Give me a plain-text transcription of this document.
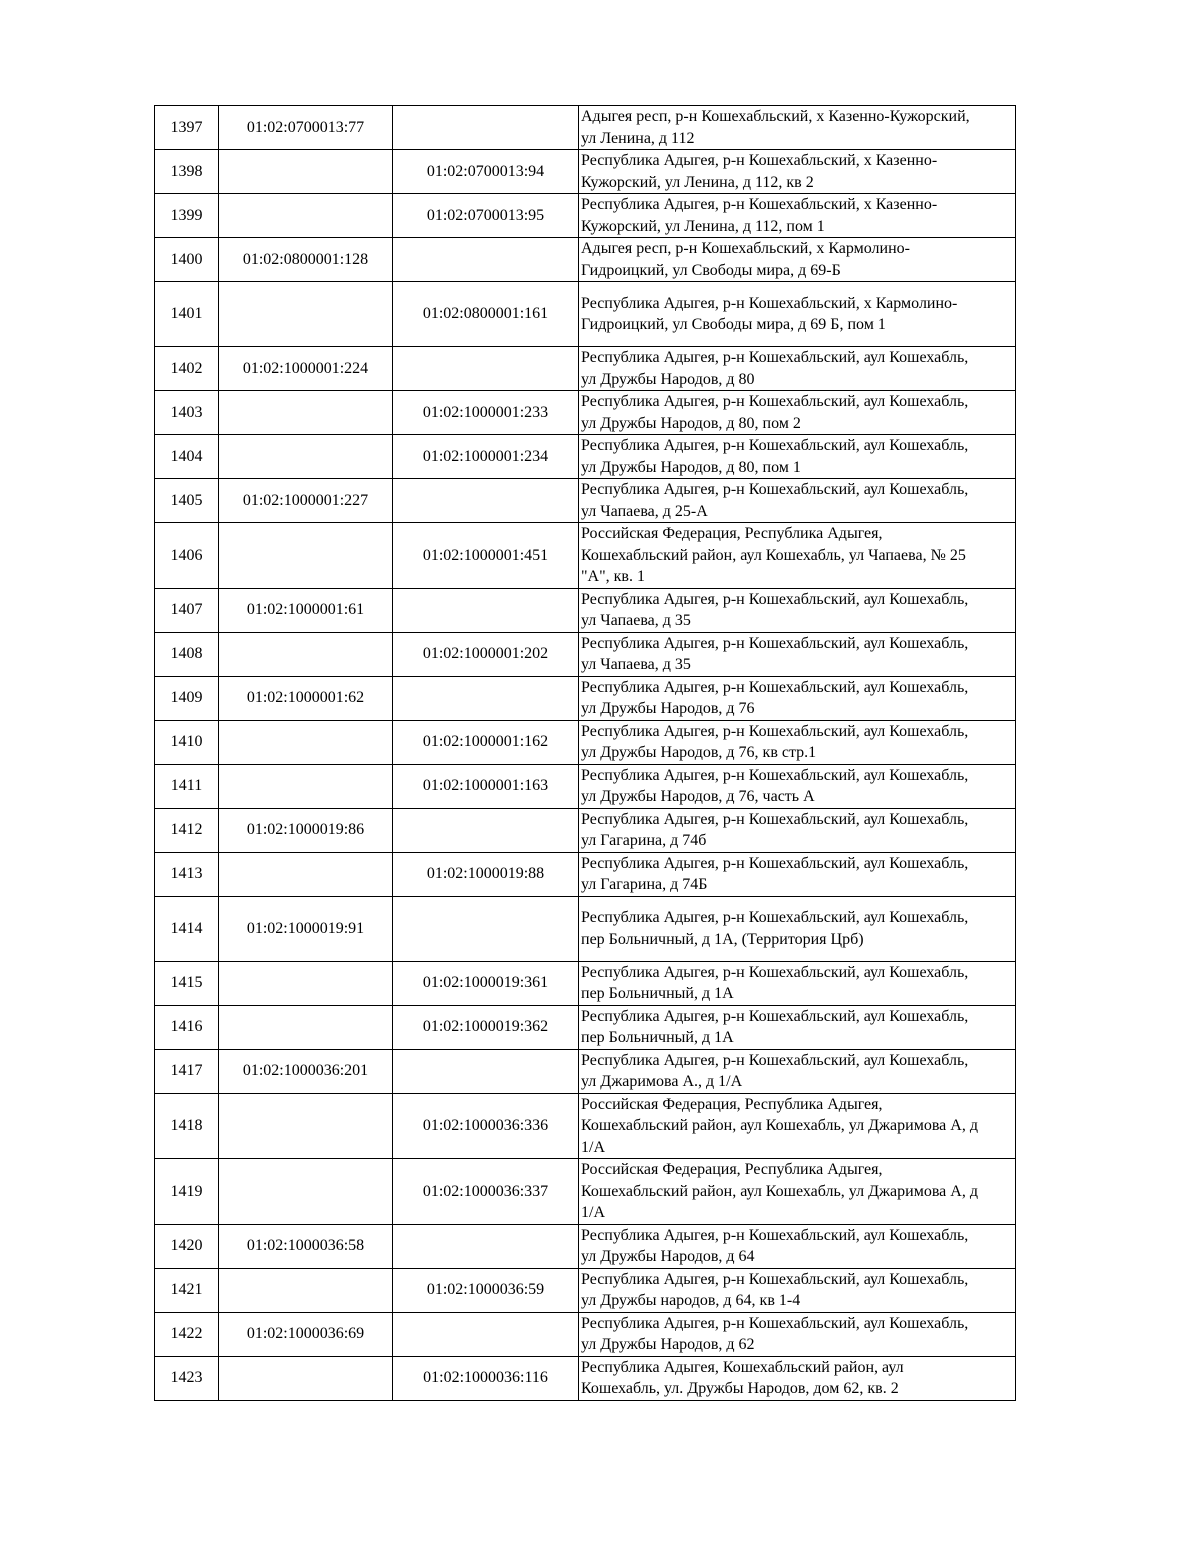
1397	01:02:0700013:77		Адыгея респ, р-н Кошехабльский, х Казенно-Кужорский,
ул Ленина, д 112
1398		01:02:0700013:94	Республика Адыгея, р-н Кошехабльский, х Казенно-
Кужорский, ул Ленина, д 112, кв 2
1399		01:02:0700013:95	Республика Адыгея, р-н Кошехабльский, х Казенно-
Кужорский, ул Ленина, д 112, пом 1
1400	01:02:0800001:128		Адыгея респ, р-н Кошехабльский, х Кармолино-
Гидроицкий, ул Свободы мира, д 69-Б
1401		01:02:0800001:161	Республика Адыгея, р-н Кошехабльский, х Кармолино-
Гидроицкий, ул Свободы мира, д 69 Б, пом 1
1402	01:02:1000001:224		Республика Адыгея, р-н Кошехабльский, аул Кошехабль,
ул Дружбы Народов, д 80
1403		01:02:1000001:233	Республика Адыгея, р-н Кошехабльский, аул Кошехабль,
ул Дружбы Народов, д 80, пом 2
1404		01:02:1000001:234	Республика Адыгея, р-н Кошехабльский, аул Кошехабль,
ул Дружбы Народов, д 80, пом 1
1405	01:02:1000001:227		Республика Адыгея, р-н Кошехабльский, аул Кошехабль,
ул Чапаева, д 25-А
1406		01:02:1000001:451	Российская Федерация, Республика Адыгея,
Кошехабльский район, аул Кошехабль, ул Чапаева, № 25
"А", кв. 1
1407	01:02:1000001:61		Республика Адыгея, р-н Кошехабльский, аул Кошехабль,
ул Чапаева, д 35
1408		01:02:1000001:202	Республика Адыгея, р-н Кошехабльский, аул Кошехабль,
ул Чапаева, д 35
1409	01:02:1000001:62		Республика Адыгея, р-н Кошехабльский, аул Кошехабль,
ул Дружбы Народов, д 76
1410		01:02:1000001:162	Республика Адыгея, р-н Кошехабльский, аул Кошехабль,
ул Дружбы Народов, д 76, кв стр.1
1411		01:02:1000001:163	Республика Адыгея, р-н Кошехабльский, аул Кошехабль,
ул Дружбы Народов, д 76, часть А
1412	01:02:1000019:86		Республика Адыгея, р-н Кошехабльский, аул Кошехабль,
ул Гагарина, д 74б
1413		01:02:1000019:88	Республика Адыгея, р-н Кошехабльский, аул Кошехабль,
ул Гагарина, д 74Б
1414	01:02:1000019:91		Республика Адыгея, р-н Кошехабльский, аул Кошехабль,
пер Больничный, д 1А, (Территория Црб)
1415		01:02:1000019:361	Республика Адыгея, р-н Кошехабльский, аул Кошехабль,
пер Больничный, д 1А
1416		01:02:1000019:362	Республика Адыгея, р-н Кошехабльский, аул Кошехабль,
пер Больничный, д 1А
1417	01:02:1000036:201		Республика Адыгея, р-н Кошехабльский, аул Кошехабль,
ул Джаримова А., д 1/А
1418		01:02:1000036:336	Российская Федерация, Республика Адыгея,
Кошехабльский район, аул Кошехабль, ул Джаримова А, д
1/А
1419		01:02:1000036:337	Российская Федерация, Республика Адыгея,
Кошехабльский район, аул Кошехабль, ул Джаримова А, д
1/А
1420	01:02:1000036:58		Республика Адыгея, р-н Кошехабльский, аул Кошехабль,
ул Дружбы Народов, д 64
1421		01:02:1000036:59	Республика Адыгея, р-н Кошехабльский, аул Кошехабль,
ул Дружбы народов, д 64, кв 1-4
1422	01:02:1000036:69		Республика Адыгея, р-н Кошехабльский, аул Кошехабль,
ул Дружбы Народов, д 62
1423		01:02:1000036:116	Республика Адыгея, Кошехабльский район, аул
Кошехабль, ул. Дружбы Народов, дом 62, кв. 2
